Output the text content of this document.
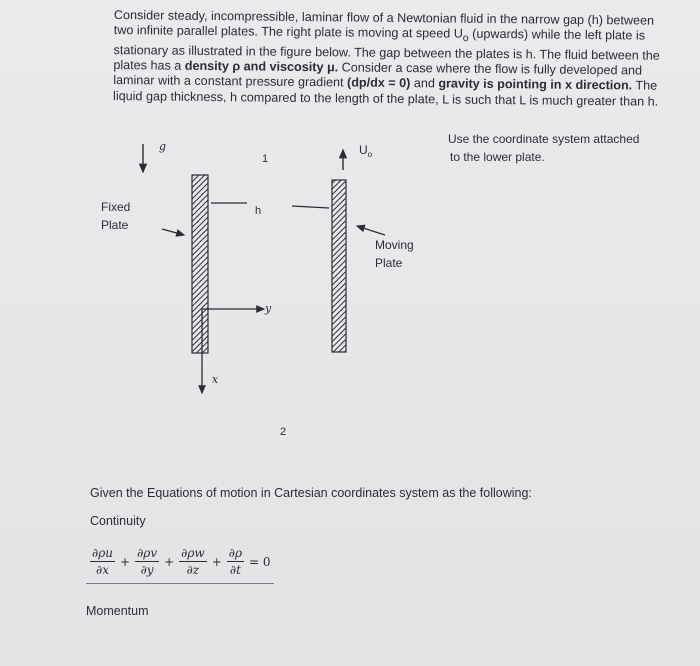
Consider steady, incompressible, laminar flow of a Newtonian fluid in the narrow gap (h) between two infinite parallel plates. The right plate is moving at speed $U_o$ (upwards) while the left plate is stationary as illustrated in the figure below. The gap between the plates is h. The fluid between the plates has a density ρ and viscosity μ. Consider a case where the flow is fully developed and laminar with a constant pressure gradient (dp/dx = 0) and gravity is pointing in x direction. The liquid gap thickness, h compared to the length of the plate, L is such that L is much greater than h.
Use the coordinate system attached
to the lower plate.
g
1
h
y
x
2
$U_o$
Fixed
Plate
Moving
Plate
Given the Equations of motion in Cartesian coordinates system as the following:
Continuity
$\frac{\partial\rho u}{\partial x} + \frac{\partial\rho v}{\partial y} + \frac{\partial\rho w}{\partial z} + \frac{\partial\rho}{\partial t} = 0$
Momentum
